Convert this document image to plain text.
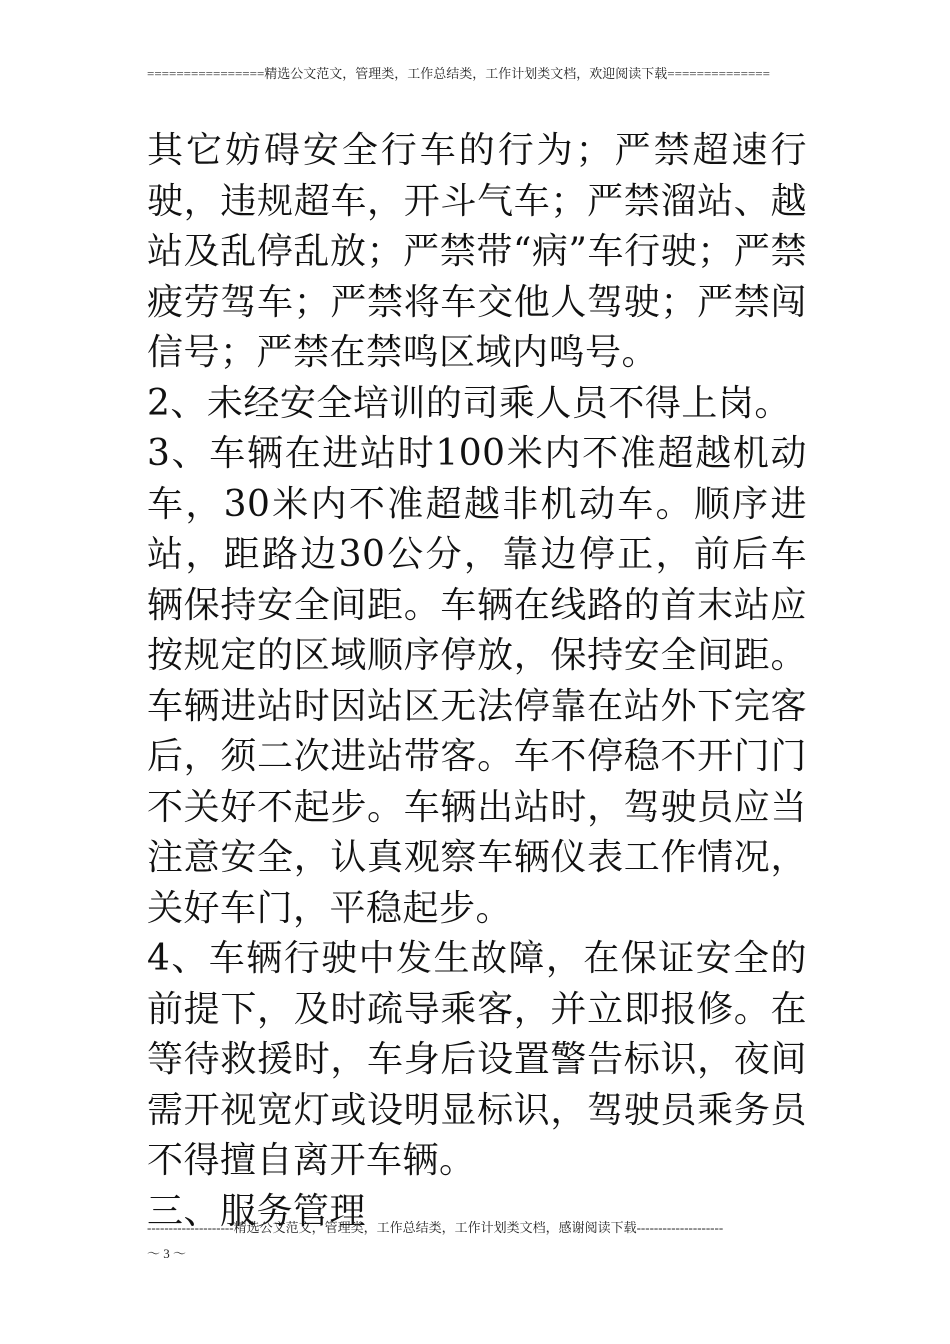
================精选公文范文，管理类，工作总结类，工作计划类文档，欢迎阅读下载==============

其它妨碍安全行车的行为；严禁超速行驶，违规超车，开斗气车；严禁溜站、越站及乱停乱放；严禁带“病”车行驶；严禁疲劳驾车；严禁将车交他人驾驶；严禁闯信号；严禁在禁鸣区域内鸣号。

2、未经安全培训的司乘人员不得上岗。

3、车辆在进站时100米内不准超越机动车，30米内不准超越非机动车。顺序进站，距路边30公分，靠边停正，前后车辆保持安全间距。车辆在线路的首末站应按规定的区域顺序停放，保持安全间距。车辆进站时因站区无法停靠在站外下完客后，须二次进站带客。车不停稳不开门门不关好不起步。车辆出站时，驾驶员应当注意安全，认真观察车辆仪表工作情况，关好车门，平稳起步。

4、车辆行驶中发生故障，在保证安全的前提下，及时疏导乘客，并立即报修。在等待救援时，车身后设置警告标识，夜间需开视宽灯或设明显标识，驾驶员乘务员不得擅自离开车辆。

三、服务管理

--------------------精选公文范文，管理类，工作总结类，工作计划类文档，感谢阅读下载--------------------
～ 3 ～
